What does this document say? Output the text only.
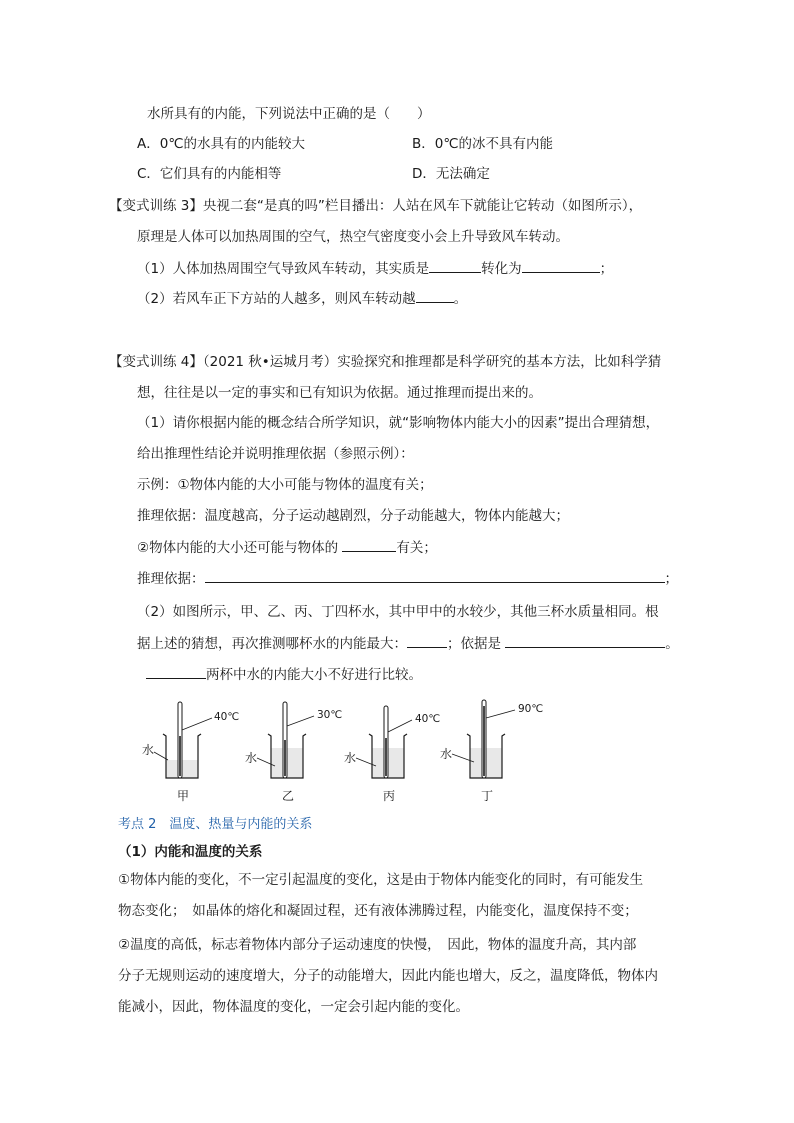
水所具有的内能，下列说法中正确的是（　　）
A．0℃的水具有的内能较大	B．0℃的冰不具有内能
C．它们具有的内能相等	D．无法确定
【变式训练 3】央视二套“是真的吗”栏目播出：人站在风车下就能让它转动（如图所示），
原理是人体可以加热周围的空气，热空气密度变小会上升导致风车转动。
（1）人体加热周围空气导致风车转动，其实质是	转化为	；
（2）若风车正下方站的人越多，则风车转动越	。
【变式训练 4】（2021 秋•运城月考）实验探究和推理都是科学研究的基本方法，比如科学猜
想，往往是以一定的事实和已有知识为依据。通过推理而提出来的。
（1）请你根据内能的概念结合所学知识，就“影响物体内能大小的因素”提出合理猜想，
给出推理性结论并说明推理依据（参照示例）：
示例：①物体内能的大小可能与物体的温度有关；
推理依据：温度越高，分子运动越剧烈，分子动能越大，物体内能越大；
②物体内能的大小还可能与物体的	有关；
推理依据：	；
（2）如图所示，甲、乙、丙、丁四杯水，其中甲中的水较少，其他三杯水质量相同。根
据上述的猜想，再次推测哪杯水的内能最大：	；依据是	。
两杯中水的内能大小不好进行比较。
40℃
水
甲
30℃
水
乙
40℃
水
丙
90℃
水
丁
考点 2　温度、热量与内能的关系
（1）内能和温度的关系
①物体内能的变化，不一定引起温度的变化，这是由于物体内能变化的同时，有可能发生
物态变化；　如晶体的熔化和凝固过程，还有液体沸腾过程，内能变化，温度保持不变；
②温度的高低，标志着物体内部分子运动速度的快慢，　因此，物体的温度升高，其内部
分子无规则运动的速度增大，分子的动能增大，因此内能也增大，反之，温度降低，物体内
能减小，因此，物体温度的变化，一定会引起内能的变化。
